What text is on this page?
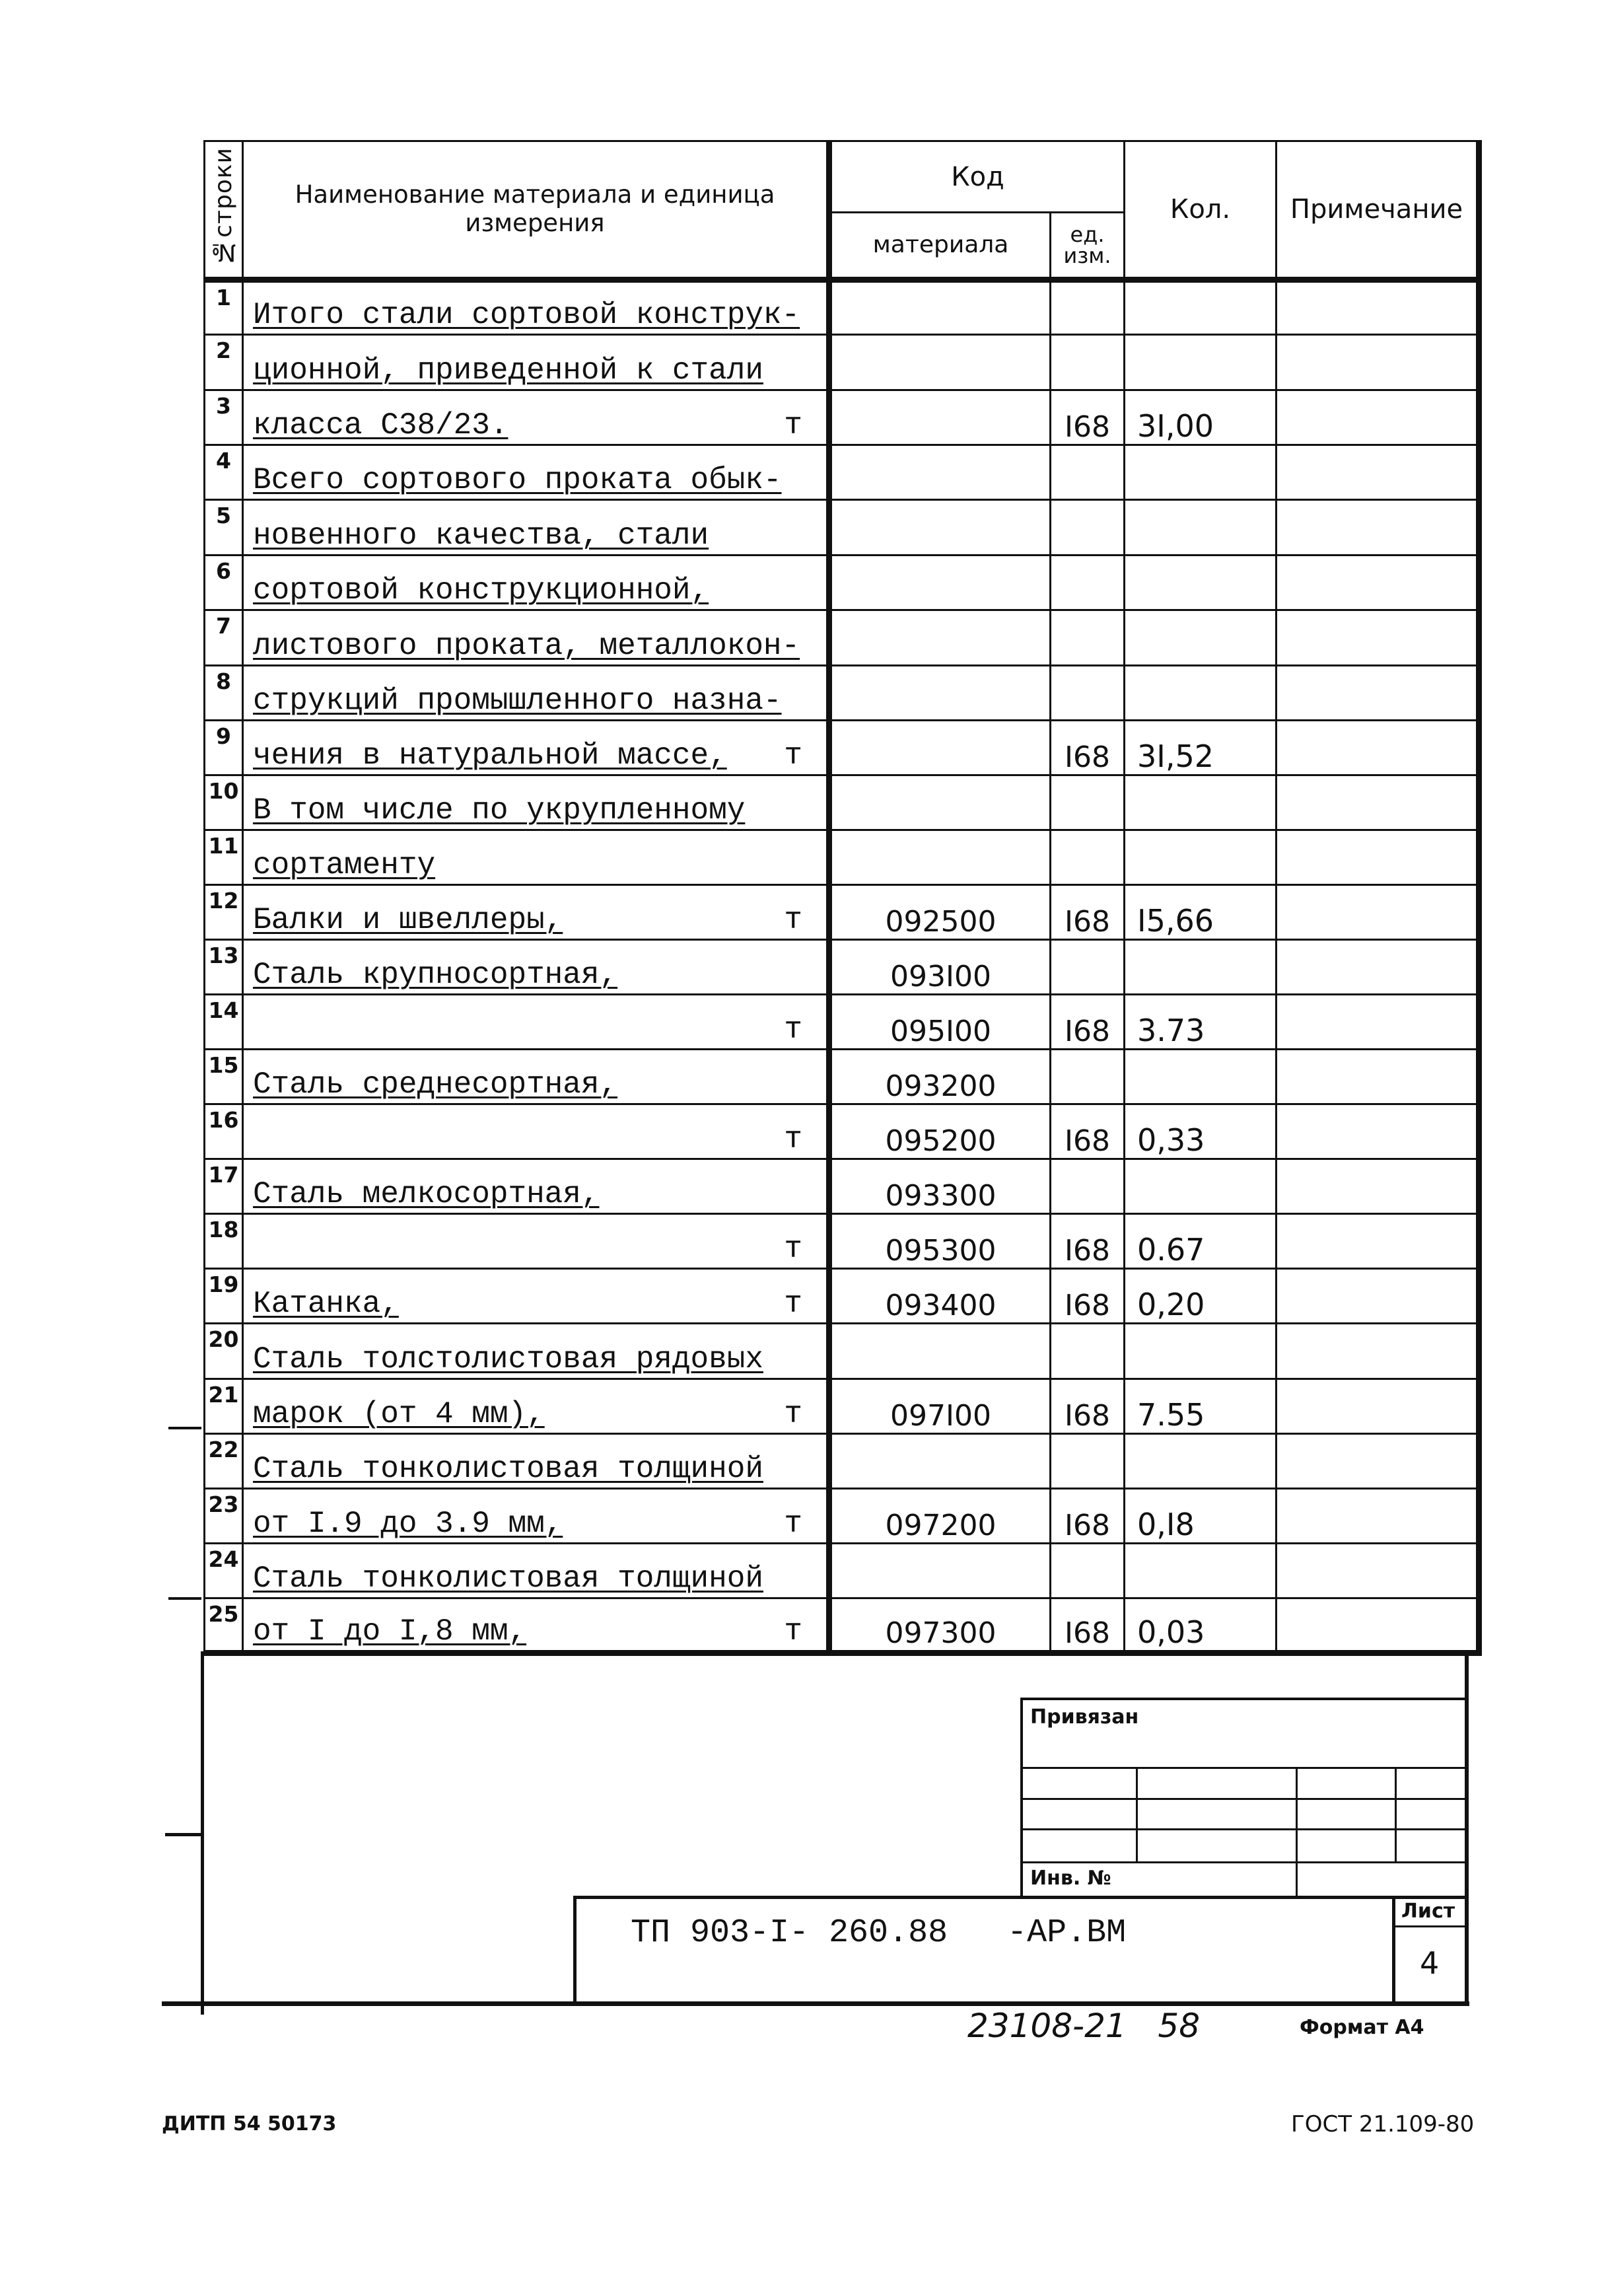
№строки	Наименование материала и единица измерения	Код		Кол.	Примечание
		материала	ед. изм.		
1	Итого стали сортовой конструк-

2	ционной, приведенной к стали

3	класса С38/23. т		I68	3I,00	
4	Всего сортового проката обык-

5	новенного качества, стали

6	сортовой конструкционной,

7	листового проката, металлокон-

8	струкций промышленного назна-

9	чения в натуральной массе, т		I68	3I,52	
10	В том числе по укрупленному

11	сортаменту

12	Балки и швеллеры, т	092500	I68	I5,66	
13	Сталь крупносортная,	093I00			
14	т	095I00	I68	3.73	
15	Сталь среднесортная,	093200			
16	т	095200	I68	0,33	
17	Сталь мелкосортная,	093300			
18	т	095300	I68	0.67	
19	Катанка, т	093400	I68	0,20	
20	Сталь толстолистовая рядовых

21	марок (от 4 мм), т	097I00	I68	7.55	
22	Сталь тонколистовая толщиной

23	от I.9 до 3.9 мм, т	097200	I68	0,I8	
24	Сталь тонколистовая толщиной

25	от I до I,8 мм, т	097300	I68	0,03	
Привязан
Инв. №
ТП 903-I- 260.88   -АР.ВМ
Лист
4
23108-21   58	Формат А4
ДИТП 54 50173	ГОСТ 21.109-80
